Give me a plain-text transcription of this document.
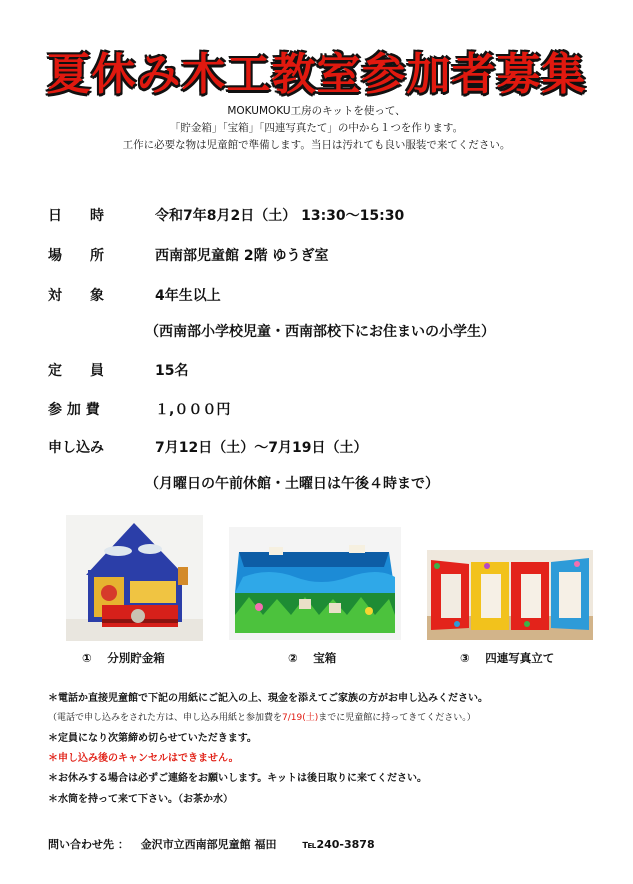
夏休み木工教室参加者募集
MOKUMOKU工房のキットを使って、
「貯金箱」「宝箱」「四連写真たて」の中から１つを作ります。
工作に必要な物は児童館で準備します。当日は汚れても良い服装で来てください。
日　　時	令和7年8月2日（土） 13:30～15:30
場　　所	西南部児童館 2階 ゆうぎ室
対　　象	4年生以上
（西南部小学校児童・西南部校下にお住まいの小学生）
定　　員	15名
参 加 費	１,０００円
申し込み	7月12日（土）～7月19日（土）
（月曜日の午前休館・土曜日は午後４時まで）
①　 分別貯金箱	②　 宝箱	③　 四連写真立て
＊電話か直接児童館で下記の用紙にご記入の上、現金を添えてご家族の方がお申し込みください。
（電話で申し込みをされた方は、申し込み用紙と参加費を7/19(土)までに児童館に持ってきてください。）
＊定員になり次第締め切らせていただきます。
＊申し込み後のキャンセルはできません。
＊お休みする場合は必ずご連絡をお願いします。キットは後日取りに来てください。
＊水筒を持って来て下さい。（お茶か水）
問い合わせ先 ： 金沢市立西南部児童館 福田 ℡240-3878
